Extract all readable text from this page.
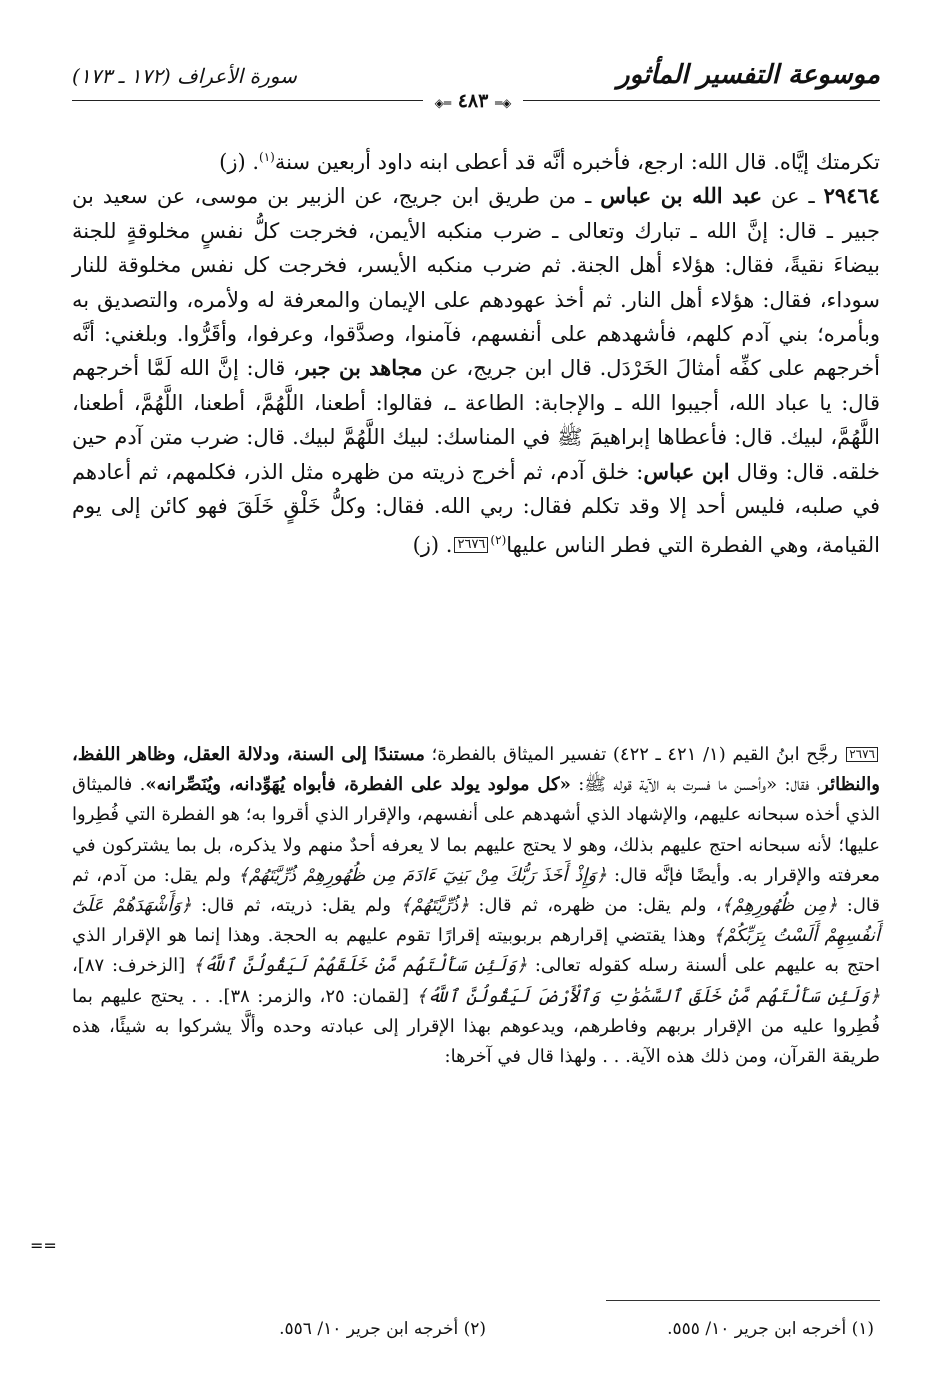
موسوعة التفسير المأثور
سورة الأعراف (١٧٢ ـ ١٧٣)
◈═ ٤٨٣ ═◈

تكرمتك إيَّاه. قال الله: ارجع، فأخبره أنَّه قد أعطى ابنه داود أربعين سنة$^{(١)}$. (ز)

٢٩٤٦٤ ـ عن عبد الله بن عباس ـ من طريق ابن جريج، عن الزبير بن موسى، عن سعيد بن جبير ـ قال: إنَّ الله ـ تبارك وتعالى ـ ضرب منكبه الأيمن، فخرجت كلُّ نفسٍ مخلوقةٍ للجنة بيضاءَ نقيةً، فقال: هؤلاء أهل الجنة. ثم ضرب منكبه الأيسر، فخرجت كل نفس مخلوقة للنار سوداء، فقال: هؤلاء أهل النار. ثم أخذ عهودهم على الإيمان والمعرفة له ولأمره، والتصديق به وبأمره؛ بني آدم كلهم، فأشهدهم على أنفسهم، فآمنوا، وصدَّقوا، وعرفوا، وأقَرُّوا. وبلغني: أنَّه أخرجهم على كفِّه أمثالَ الخَرْدَل. قال ابن جريج، عن مجاهد بن جبر، قال: إنَّ الله لَمَّا أخرجهم قال: يا عباد الله، أجيبوا الله ـ والإجابة: الطاعة ـ، فقالوا: أطعنا، اللَّهُمَّ، أطعنا، اللَّهُمَّ، أطعنا، اللَّهُمَّ، لبيك. قال: فأعطاها إبراهيمَ ﷺ في المناسك: لبيك اللَّهُمَّ لبيك. قال: ضرب متن آدم حين خلقه. قال: وقال ابن عباس: خلق آدم، ثم أخرج ذريته من ظهره مثل الذر، فكلمهم، ثم أعادهم في صلبه، فليس أحد إلا وقد تكلم فقال: ربي الله. فقال: وكلُّ خَلْقٍ خَلَقَ فهو كائن إلى يوم القيامة، وهي الفطرة التي فطر الناس عليها$^{(٢)}$٢٦٧٦. (ز)

٢٦٧٦ رجَّح ابنُ القيم (١/ ٤٢١ ـ ٤٢٢) تفسير الميثاق بالفطرة؛ مستندًا إلى السنة، ودلالة العقل، وظاهر اللفظ، والنظائر، فقال: «وأحسن ما فسرت به الآية قوله ﷺ: «كل مولود يولد على الفطرة، فأبواه يُهَوِّدانه، ويُنَصِّرانه». فالميثاق الذي أخذه سبحانه عليهم، والإشهاد الذي أشهدهم على أنفسهم، والإقرار الذي أقروا به؛ هو الفطرة التي فُطِروا عليها؛ لأنه سبحانه احتج عليهم بذلك، وهو لا يحتج عليهم بما لا يعرفه أحدٌ منهم ولا يذكره، بل بما يشتركون في معرفته والإقرار به. وأيضًا فإنَّه قال: ﴿وَإِذْ أَخَذَ رَبُّكَ مِنْ بَنِيٓ ءَادَمَ مِن ظُهُورِهِمْ ذُرِّيَّتَهُمْ﴾ ولم يقل: من آدم، ثم قال: ﴿مِن ظُهُورِهِمْ﴾، ولم يقل: من ظهره، ثم قال: ﴿ذُرِّيَّتَهُمْ﴾ ولم يقل: ذريته، ثم قال: ﴿وَأَشْهَدَهُمْ عَلَىٰٓ أَنفُسِهِمْ أَلَسْتُ بِرَبِّكُمْ﴾ وهذا يقتضي إقرارهم بربوبيته إقرارًا تقوم عليهم به الحجة. وهذا إنما هو الإقرار الذي احتج به عليهم على ألسنة رسله كقوله تعالى: ﴿وَلَئِن سَأَلْتَهُم مَّنْ خَلَقَهُمْ لَيَقُولُنَّ ٱللَّهُ﴾ [الزخرف: ٨٧]، ﴿وَلَئِن سَأَلْتَهُم مَّنْ خَلَقَ ٱلسَّمَٰوَٰتِ وَٱلْأَرْضَ لَيَقُولُنَّ ٱللَّهُ﴾ [لقمان: ٢٥، والزمر: ٣٨]. . . يحتج عليهم بما فُطِروا عليه من الإقرار بربهم وفاطرهم، ويدعوهم بهذا الإقرار إلى عبادته وحده وألَّا يشركوا به شيئًا، هذه طريقة القرآن، ومن ذلك هذه الآية. . . ولهذا قال في آخرها:

==
(١) أخرجه ابن جرير ١٠/ ٥٥٥.
(٢) أخرجه ابن جرير ١٠/ ٥٥٦.
